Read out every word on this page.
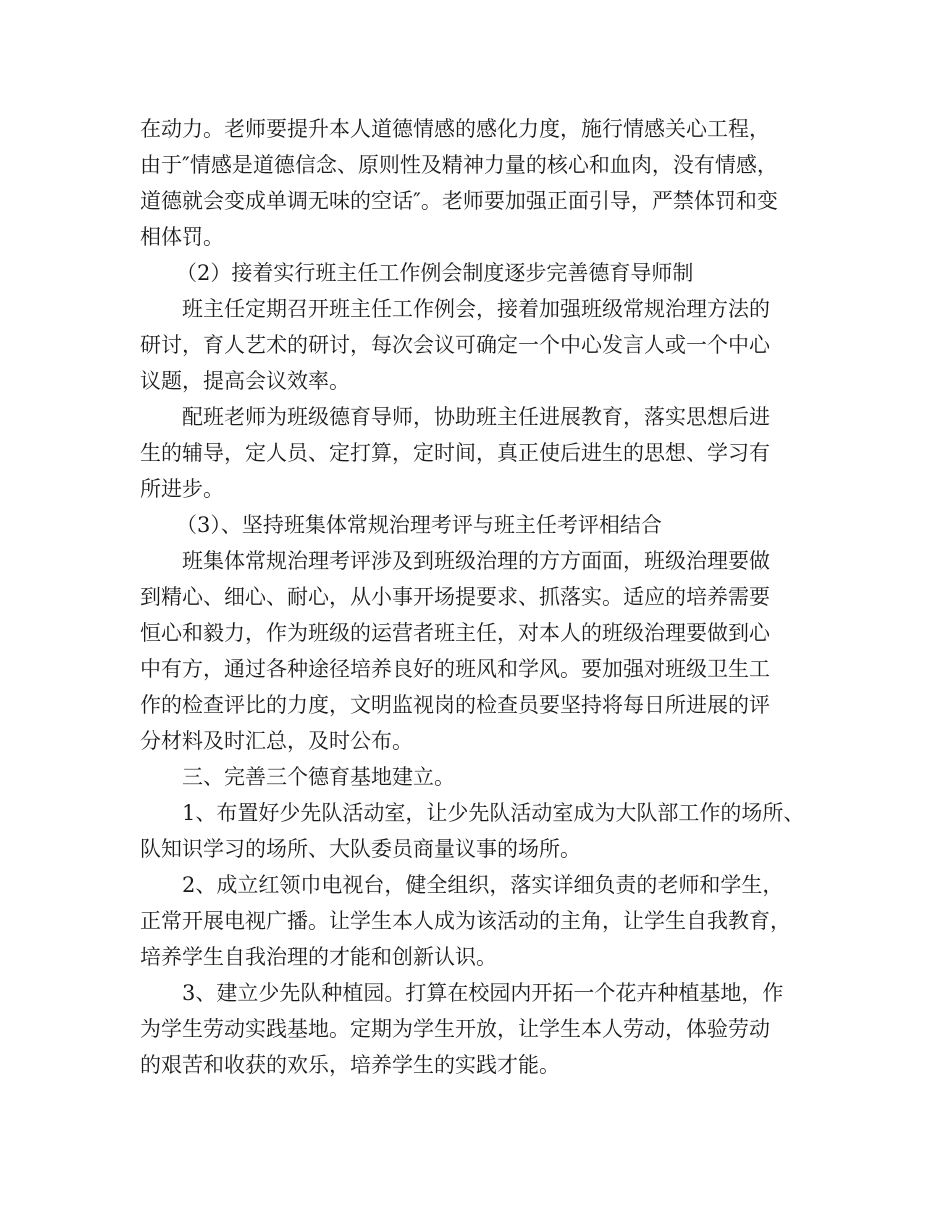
在动力。老师要提升本人道德情感的感化力度，施行情感关心工程，
由于″情感是道德信念、原则性及精神力量的核心和血肉，没有情感，
道德就会变成单调无味的空话″。老师要加强正面引导，严禁体罚和变
相体罚。
（2）接着实行班主任工作例会制度逐步完善德育导师制
班主任定期召开班主任工作例会，接着加强班级常规治理方法的
研讨，育人艺术的研讨，每次会议可确定一个中心发言人或一个中心
议题，提高会议效率。
配班老师为班级德育导师，协助班主任进展教育，落实思想后进
生的辅导，定人员、定打算，定时间，真正使后进生的思想、学习有
所进步。
（3）、坚持班集体常规治理考评与班主任考评相结合
班集体常规治理考评涉及到班级治理的方方面面，班级治理要做
到精心、细心、耐心，从小事开场提要求、抓落实。适应的培养需要
恒心和毅力，作为班级的运营者班主任，对本人的班级治理要做到心
中有方，通过各种途径培养良好的班风和学风。要加强对班级卫生工
作的检查评比的力度，文明监视岗的检查员要坚持将每日所进展的评
分材料及时汇总，及时公布。
三、完善三个德育基地建立。
1、布置好少先队活动室，让少先队活动室成为大队部工作的场所、
队知识学习的场所、大队委员商量议事的场所。
2、成立红领巾电视台，健全组织，落实详细负责的老师和学生，
正常开展电视广播。让学生本人成为该活动的主角，让学生自我教育，
培养学生自我治理的才能和创新认识。
3、建立少先队种植园。打算在校园内开拓一个花卉种植基地，作
为学生劳动实践基地。定期为学生开放，让学生本人劳动，体验劳动
的艰苦和收获的欢乐，培养学生的实践才能。
